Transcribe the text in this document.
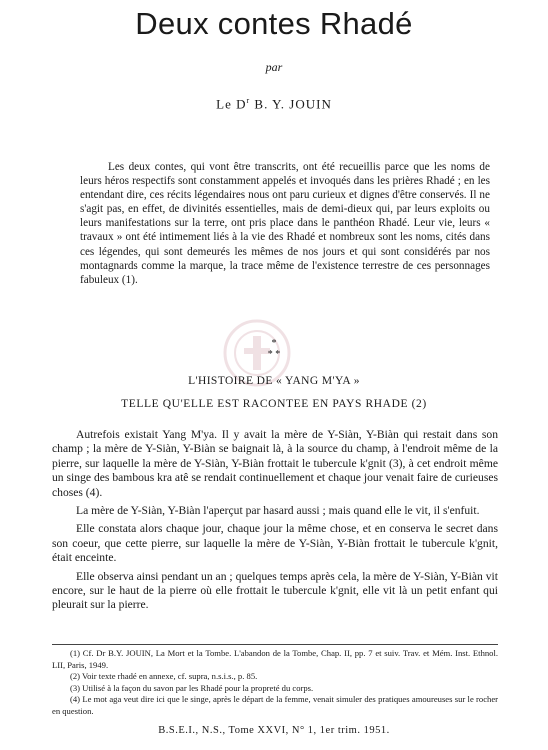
Deux contes Rhadé
par
Le $D^r$ B. Y. JOUIN
Les deux contes, qui vont être transcrits, ont été recueillis parce que les noms de leurs héros respectifs sont constamment appelés et invoqués dans les prières Rhadé ; en les entendant dire, ces récits légendaires nous ont paru curieux et dignes d'être conservés. Il ne s'agit pas, en effet, de divinités essentielles, mais de demi-dieux qui, par leurs exploits ou leurs manifestations sur la terre, ont pris place dans le panthéon Rhadé. Leur vie, leurs « travaux » ont été intimement liés à la vie des Rhadé et nombreux sont les noms, cités dans ces légendes, qui sont demeurés les mêmes de nos jours et qui sont considérés par nos montagnards comme la marque, la trace même de l'existence terrestre de ces personnages fabuleux (1).
*
* *
L'HISTOIRE DE « YANG M'YA »
TELLE QU'ELLE EST RACONTEE EN PAYS RHADE (2)

Autrefois existait Yang M'ya. Il y avait la mère de Y-Siàn, Y-Biàn qui restait dans son champ ; la mère de Y-Siàn, Y-Biàn se baignait là, à la source du champ, à l'endroit même de la pierre, sur laquelle la mère de Y-Siàn, Y-Biàn frottait le tubercule k'gnit (3), à cet endroit même un singe des bambous kra atê se rendait continuellement et chaque jour venait faire de curieuses choses (4).

La mère de Y-Siàn, Y-Biàn l'aperçut par hasard aussi ; mais quand elle le vit, il s'enfuit.

Elle constata alors chaque jour, chaque jour la même chose, et en conserva le secret dans son coeur, que cette pierre, sur laquelle la mère de Y-Siàn, Y-Biàn frottait le tubercule k'gnit, était enceinte.

Elle observa ainsi pendant un an ; quelques temps après cela, la mère de Y-Siàn, Y-Biàn vit encore, sur le haut de la pierre où elle frottait le tubercule k'gnit, elle vit là un petit enfant qui pleurait sur la pierre.

(1) Cf. Dr B.Y. JOUIN, La Mort et la Tombe. L'abandon de la Tombe, Chap. II, pp. 7 et suiv. Trav. et Mém. Inst. Ethnol. LII, Paris, 1949.
(2) Voir texte rhadé en annexe, cf. supra, n.s.i.s., p. 85.
(3) Utilisé à la façon du savon par les Rhadé pour la propreté du corps.
(4) Le mot aga veut dire ici que le singe, après le départ de la femme, venait simuler des pratiques amoureuses sur le rocher en question.
B.S.E.I., N.S., Tome XXVI, N° 1, 1er trim. 1951.
